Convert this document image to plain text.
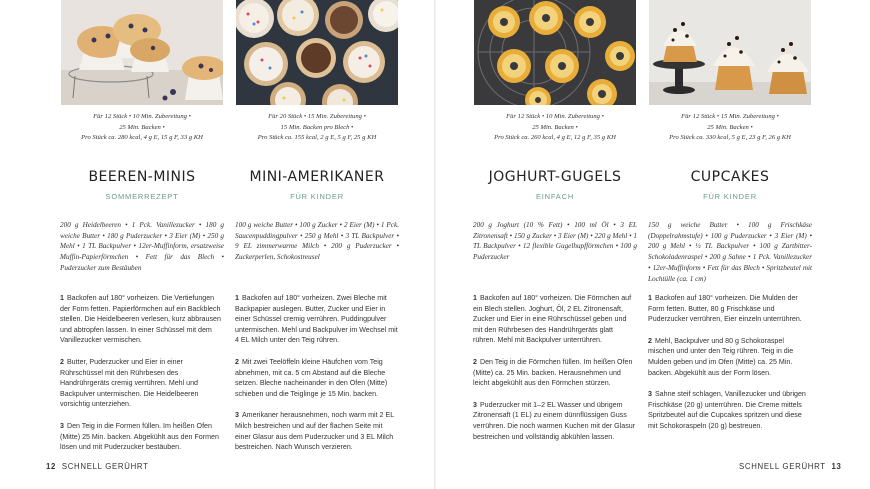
Für 12 Stück • 10 Min. Zubereitung •

25 Min. Backen •

Pro Stück ca. 280 kcal, 4 g E, 15 g F, 33 g KH

BEEREN-MINIS
SOMMERREZEPT
200 g Heidelbeeren • 1 Pck. Vanillezucker • 180 g weiche Butter • 180 g Puderzucker • 3 Eier (M) • 250 g Mehl • 1 TL Backpulver • 12er-Muffinform, ersatzweise Muffin-Papierförmchen • Fett für das Blech • Puderzucker zum Bestäuben

1 Backofen auf 180° vorheizen. Die Vertiefungen der Form fetten. Papierförmchen auf ein Backblech stellen. Die Heidelbeeren verlesen, kurz abbrausen und abtropfen lassen. In einer Schüssel mit dem Vanillezucker vermischen.

2 Butter, Puderzucker und Eier in einer Rührschüssel mit den Rührbesen des Handrührgeräts cremig verrühren. Mehl und Backpulver untermischen. Die Heidelbeeren vorsichtig unterziehen.

3 Den Teig in die Formen füllen. Im heißen Ofen (Mitte) 25 Min. backen. Abgekühlt aus den Formen lösen und mit Puderzucker bestäuben.

Für 20 Stück • 15 Min. Zubereitung •

15 Min. Backen pro Blech •

Pro Stück ca. 155 kcal, 2 g E, 5 g F, 25 g KH

MINI-AMERIKANER
FÜR KINDER
100 g weiche Butter • 100 g Zucker • 2 Eier (M) • 1 Pck. Saucenpuddingpulver • 250 g Mehl • 3 TL Backpulver • 9 EL zimmerwarme Milch • 200 g Puderzucker • Zuckerperlen, Schokostreusel

1 Backofen auf 180° vorheizen. Zwei Bleche mit Backpapier auslegen. Butter, Zucker und Eier in einer Schüssel cremig verrühren. Puddingpulver untermischen. Mehl und Backpulver im Wechsel mit 4 EL Milch unter den Teig rühren.

2 Mit zwei Teelöffeln kleine Häufchen vom Teig abnehmen, mit ca. 5 cm Abstand auf die Bleche setzen. Bleche nacheinander in den Ofen (Mitte) schieben und die Teiglinge je 15 Min. backen.

3 Amerikaner herausnehmen, noch warm mit 2 EL Milch bestreichen und auf der flachen Seite mit einer Glasur aus dem Puderzucker und 3 EL Milch bestreichen. Nach Wunsch verzieren.

Für 12 Stück • 10 Min. Zubereitung •

25 Min. Backen •

Pro Stück ca. 260 kcal, 4 g E, 12 g F, 35 g KH

JOGHURT-GUGELS
EINFACH
200 g Joghurt (10 % Fett) • 100 ml Öl • 3 EL Zitronensaft • 150 g Zucker • 3 Eier (M) • 220 g Mehl • 1 TL Backpulver • 12 flexible Gugelhupfförmchen • 100 g Puderzucker

1 Backofen auf 180° vorheizen. Die Förmchen auf ein Blech stellen. Joghurt, Öl, 2 EL Zitronensaft, Zucker und Eier in eine Rührschüssel geben und mit den Rührbesen des Handrührgeräts glatt rühren. Mehl mit Backpulver unterrühren.

2 Den Teig in die Förmchen füllen. Im heißen Ofen (Mitte) ca. 25 Min. backen. Herausnehmen und leicht abgekühlt aus den Förmchen stürzen.

3 Puderzucker mit 1–2 EL Wasser und übrigem Zitronensaft (1 EL) zu einem dünnflüssigen Guss verrühren. Die noch warmen Kuchen mit der Glasur bestreichen und vollständig abkühlen lassen.

Für 12 Stück • 15 Min. Zubereitung •

25 Min. Backen •

Pro Stück ca. 330 kcal, 5 g E, 23 g F, 26 g KH

CUPCAKES
FÜR KINDER
150 g weiche Butter • 100 g Frischkäse (Doppelrahmstufe) • 100 g Puderzucker • 3 Eier (M) • 200 g Mehl • ½ TL Backpulver • 100 g Zartbitter-Schokoladenraspel • 200 g Sahne • 1 Pck. Vanillezucker • 12er-Muffinform • Fett für das Blech • Spritzbeutel mit Lochtülle (ca. 1 cm)

1 Backofen auf 180° vorheizen. Die Mulden der Form fetten. Butter, 80 g Frischkäse und Puderzucker verrühren, Eier einzeln unterrühren.

2 Mehl, Backpulver und 80 g Schokoraspel mischen und unter den Teig rühren. Teig in die Mulden geben und im Ofen (Mitte) ca. 25 Min. backen. Abgekühlt aus der Form lösen.

3 Sahne steif schlagen, Vanillezucker und übrigen Frischkäse (20 g) unterrühren. Die Creme mittels Spritzbeutel auf die Cupcakes spritzen und diese mit Schokoraspeln (20 g) bestreuen.

12 SCHNELL GERÜHRT	SCHNELL GERÜHRT 13
